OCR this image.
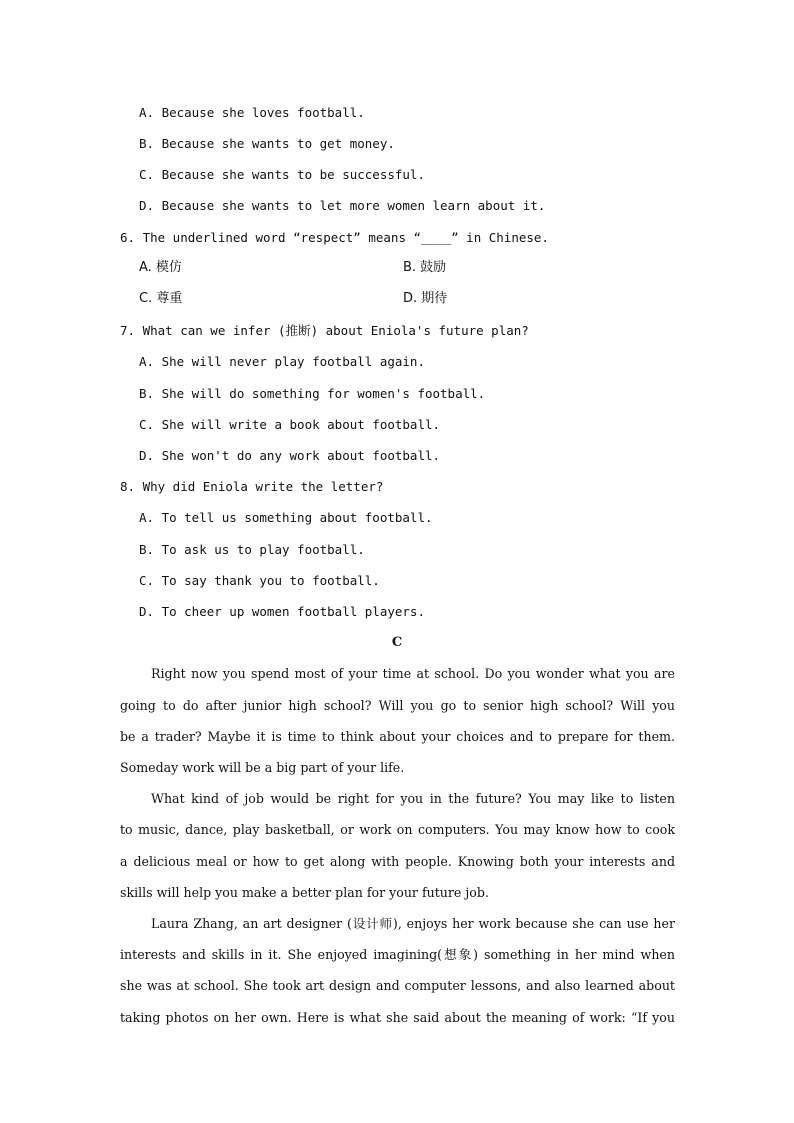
A. Because she loves football.
B. Because she wants to get money.
C. Because she wants to be successful.
D. Because she wants to let more women learn about it.
6. The underlined word “respect” means “____” in Chinese.
A. 模仿	B. 鼓励
C. 尊重	D. 期待
7. What can we infer (推断) about Eniola's future plan?
A. She will never play football again.
B. She will do something for women's football.
C. She will write a book about football.
D. She won't do any work about football.
8. Why did Eniola write the letter?
A. To tell us something about football.
B. To ask us to play football.
C. To say thank you to football.
D. To cheer up women football players.
C
Right now you spend most of your time at school. Do you wonder what you are
going to do after junior high school? Will you go to senior high school? Will you
be a trader? Maybe it is time to think about your choices and to prepare for them.
Someday work will be a big part of your life.
What kind of job would be right for you in the future? You may like to listen
to music, dance, play basketball, or work on computers. You may know how to cook
a delicious meal or how to get along with people. Knowing both your interests and
skills will help you make a better plan for your future job.
Laura Zhang, an art designer (设计师), enjoys her work because she can use her
interests and skills in it. She enjoyed imagining(想象) something in her mind when
she was at school. She took art design and computer lessons, and also learned about
taking photos on her own. Here is what she said about the meaning of work: “If you
